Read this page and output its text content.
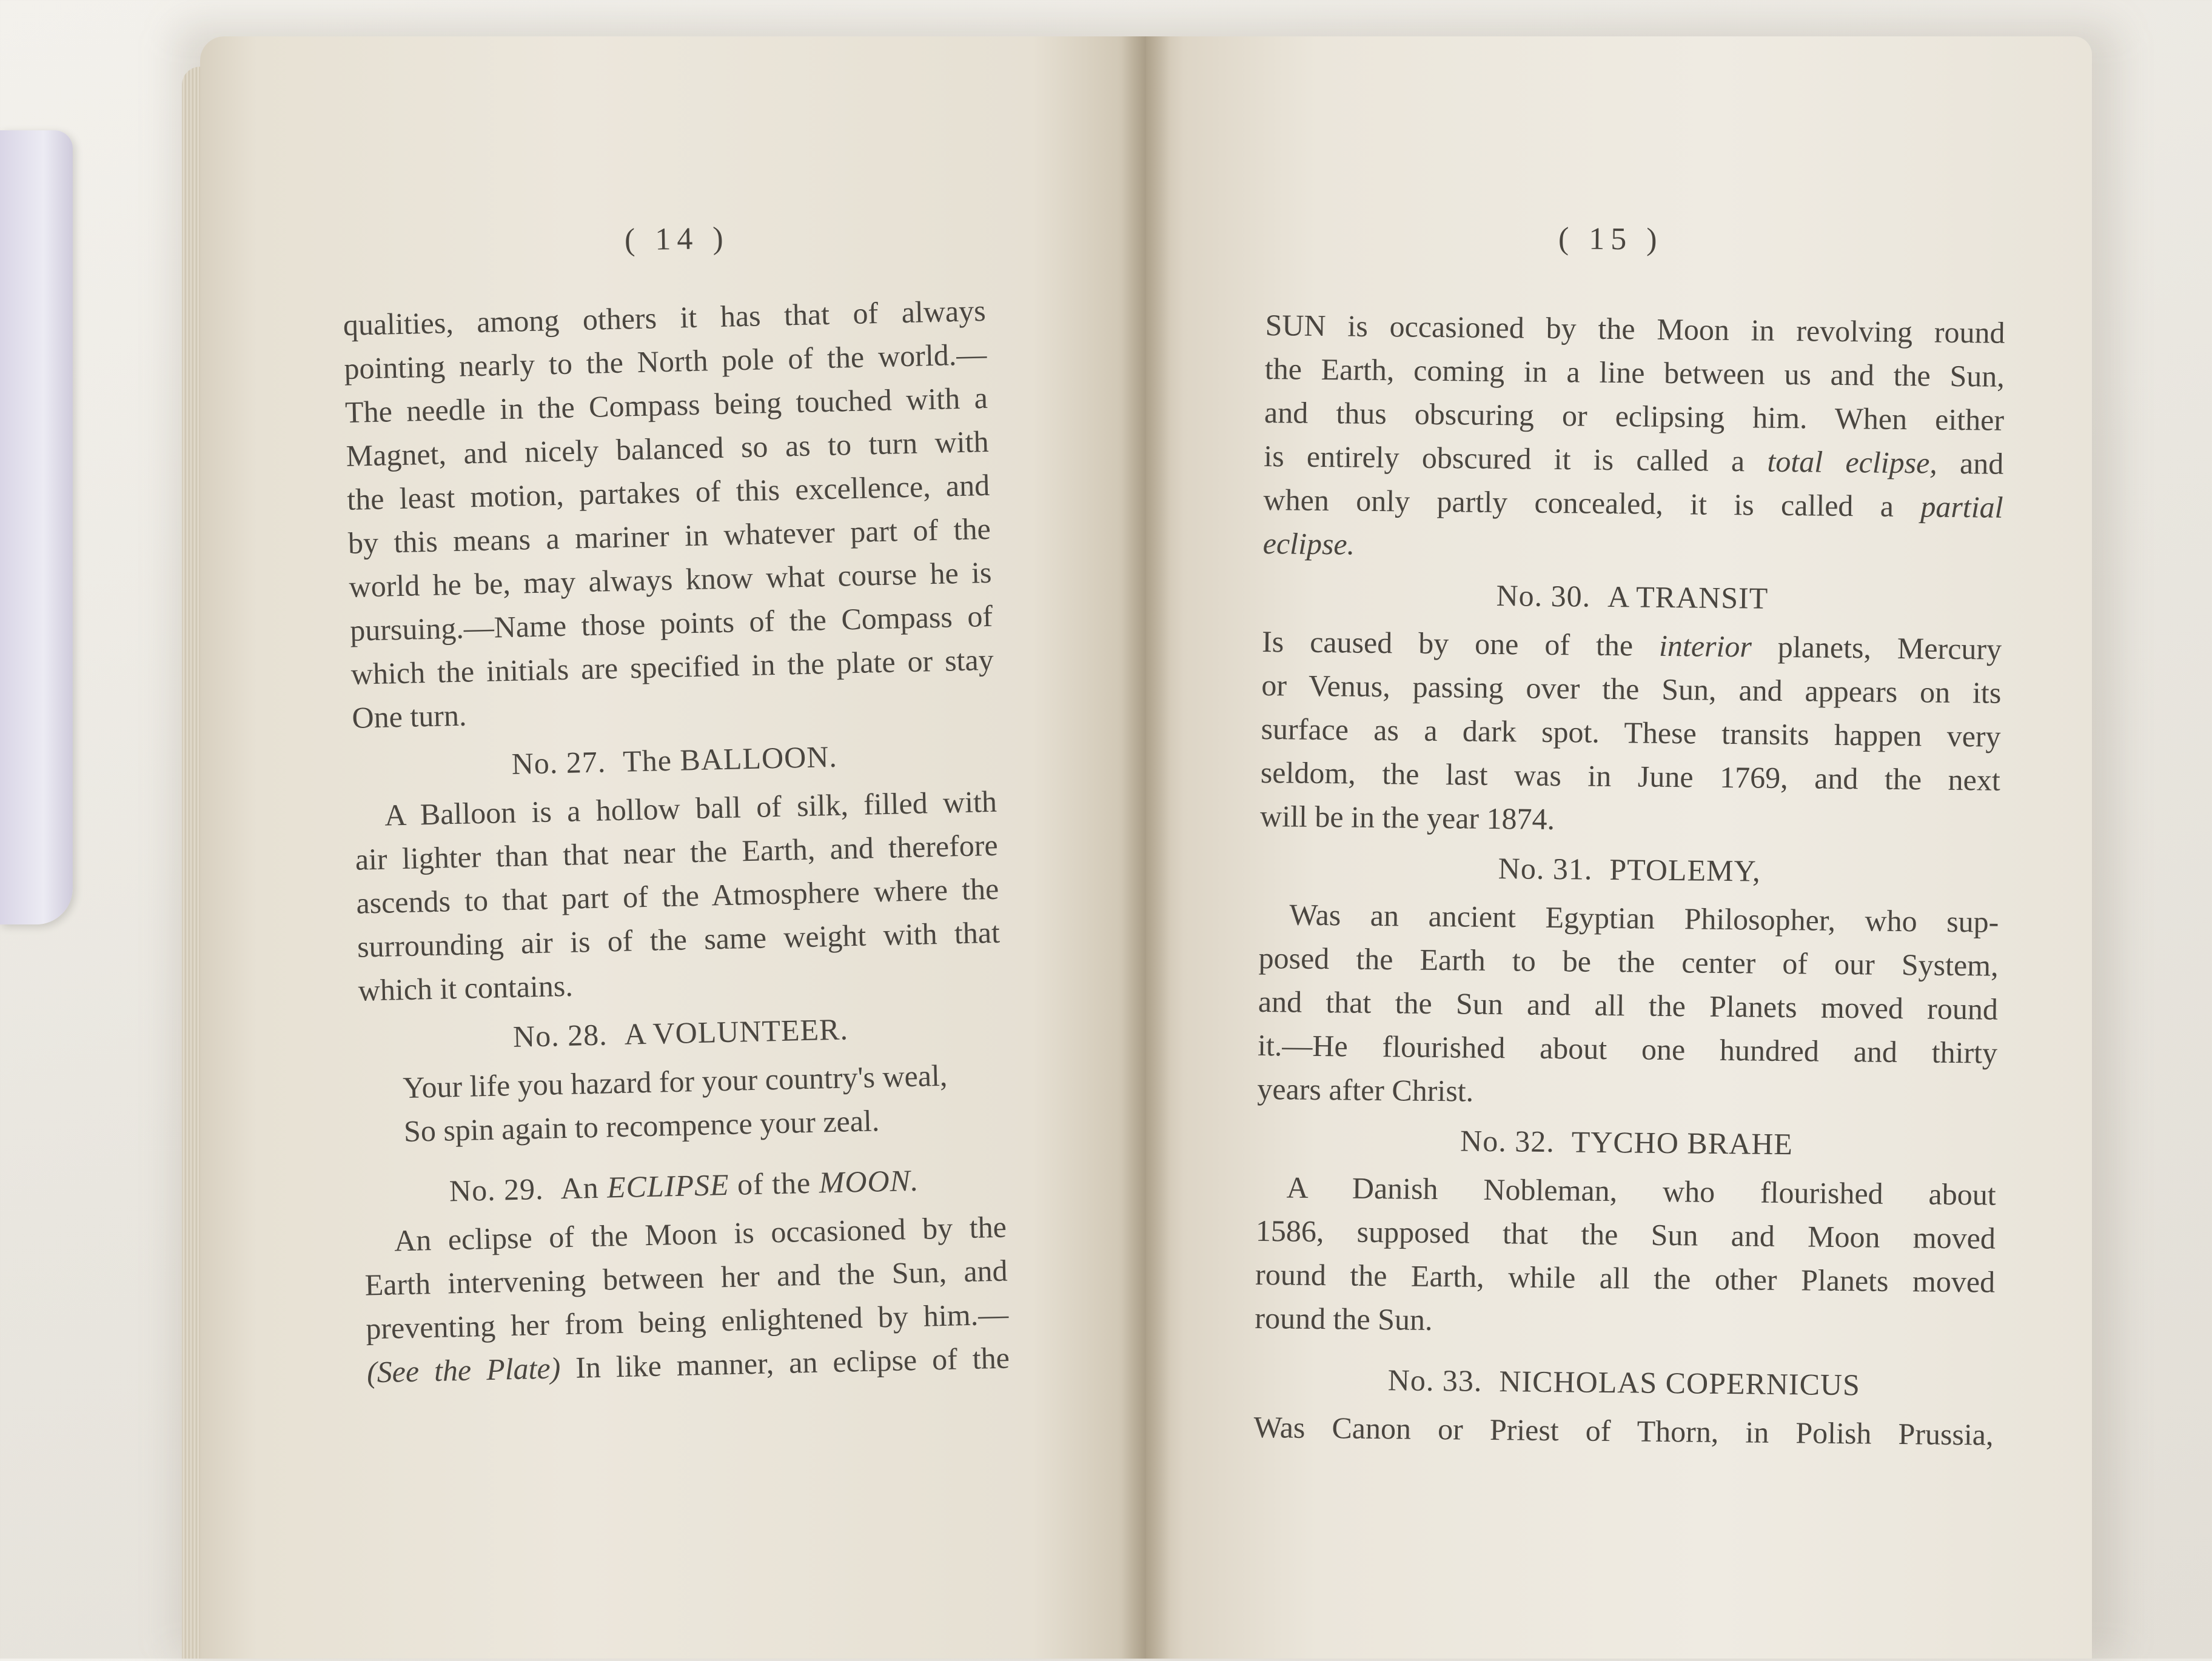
( 14 )

qualities, among others it has that of always

pointing nearly to the North pole of the world.—

The needle in the Compass being touched with a

Magnet, and nicely balanced so as to turn with

the least motion, partakes of this excellence, and

by this means a mariner in whatever part of the

world he be, may always know what course he is

pursuing.—Name those points of the Compass of

which the initials are specified in the plate or stay

One turn.

No. 27. The BALLOON.

A Balloon is a hollow ball of silk, filled with

air lighter than that near the Earth, and therefore

ascends to that part of the Atmosphere where the

surrounding air is of the same weight with that

which it contains.

No. 28. A VOLUNTEER.

Your life you hazard for your country's weal,

So spin again to recompence your zeal.

No. 29. An ECLIPSE of the MOON.

An eclipse of the Moon is occasioned by the

Earth intervening between her and the Sun, and

preventing her from being enlightened by him.—

(See the Plate) In like manner, an eclipse of the

( 15 )

SUN is occasioned by the Moon in revolving round

the Earth, coming in a line between us and the Sun,

and thus obscuring or eclipsing him. When either

is entirely obscured it is called a total eclipse, and

when only partly concealed, it is called a partial

eclipse.

No. 30. A TRANSIT

Is caused by one of the interior planets, Mercury

or Venus, passing over the Sun, and appears on its

surface as a dark spot. These transits happen very

seldom, the last was in June 1769, and the next

will be in the year 1874.

No. 31. PTOLEMY,

Was an ancient Egyptian Philosopher, who sup-

posed the Earth to be the center of our System,

and that the Sun and all the Planets moved round

it.—He flourished about one hundred and thirty

years after Christ.

No. 32. TYCHO BRAHE

A Danish Nobleman, who flourished about

1586, supposed that the Sun and Moon moved

round the Earth, while all the other Planets moved

round the Sun.

No. 33. NICHOLAS COPERNICUS

Was Canon or Priest of Thorn, in Polish Prussia,
